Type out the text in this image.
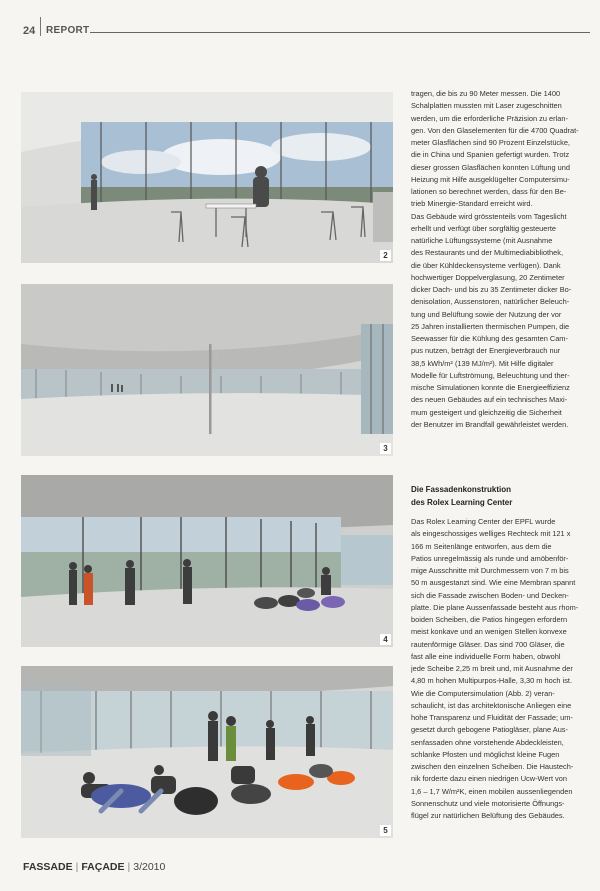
24 REPORT
2
3
4
5
tragen, die bis zu 90 Meter messen. Die 1400
Schalplatten mussten mit Laser zugeschnitten
werden, um die erforderliche Präzision zu erlan-
gen. Von den Glaselementen für die 4700 Quadrat-
meter Glasflächen sind 90 Prozent Einzelstücke,
die in China und Spanien gefertigt wurden. Trotz
dieser grossen Glasflächen konnten Lüftung und
Heizung mit Hilfe ausgeklügelter Computersimu-
lationen so berechnet werden, dass für den Be-
trieb Minergie-Standard erreicht wird.
Das Gebäude wird grösstenteils vom Tageslicht
erhellt und verfügt über sorgfältig gesteuerte
natürliche Lüftungssysteme (mit Ausnahme
des Restaurants und der Multimediabibliothek,
die über Kühldeckensysteme verfügen). Dank
hochwertiger Doppelverglasung, 20 Zentimeter
dicker Dach- und bis zu 35 Zentimeter dicker Bo-
denisolation, Aussenstoren, natürlicher Beleuch-
tung und Belüftung sowie der Nutzung der vor
25 Jahren installierten thermischen Pumpen, die
Seewasser für die Kühlung des gesamten Cam-
pus nutzen, beträgt der Energieverbrauch nur
38,5 kWh/m² (139 MJ/m²). Mit Hilfe digitaler
Modelle für Luftströmung, Beleuchtung und ther-
mische Simulationen konnte die Energieeffizienz
des neuen Gebäudes auf ein technisches Maxi-
mum gesteigert und gleichzeitig die Sicherheit
der Benutzer im Brandfall gewährleistet werden.
Die Fassadenkonstruktion
des Rolex Learning Center
Das Rolex Learning Center der EPFL wurde
als eingeschossiges welliges Rechteck mit 121 x
166 m Seitenlänge entworfen, aus dem die
Patios unregelmässig als runde und amöbenför-
mige Ausschnitte mit Durchmessern von 7 m bis
50 m ausgestanzt sind. Wie eine Membran spannt
sich die Fassade zwischen Boden- und Decken-
platte. Die plane Aussenfassade besteht aus rhom-
boiden Scheiben, die Patios hingegen erfordern
meist konkave und an wenigen Stellen konvexe
rautenförmige Gläser. Das sind 700 Gläser, die
fast alle eine individuelle Form haben, obwohl
jede Scheibe 2,25 m breit und, mit Ausnahme der
4,80 m hohen Multipurpos-Halle, 3,30 m hoch ist.
Wie die Computersimulation (Abb. 2) veran-
schaulicht, ist das architektonische Anliegen eine
hohe Transparenz und Fluidität der Fassade; um-
gesetzt durch gebogene Patiogläser, plane Aus-
senfassaden ohne vorstehende Abdeckleisten,
schlanke Pfosten und möglichst kleine Fugen
zwischen den einzelnen Scheiben. Die Haustech-
nik forderte dazu einen niedrigen Ucw-Wert von
1,6 – 1,7 W/m²K, einen mobilen aussenliegenden
Sonnenschutz und viele motorisierte Öffnungs-
flügel zur natürlichen Belüftung des Gebäudes.
FASSADE | FAÇADE | 3/2010
